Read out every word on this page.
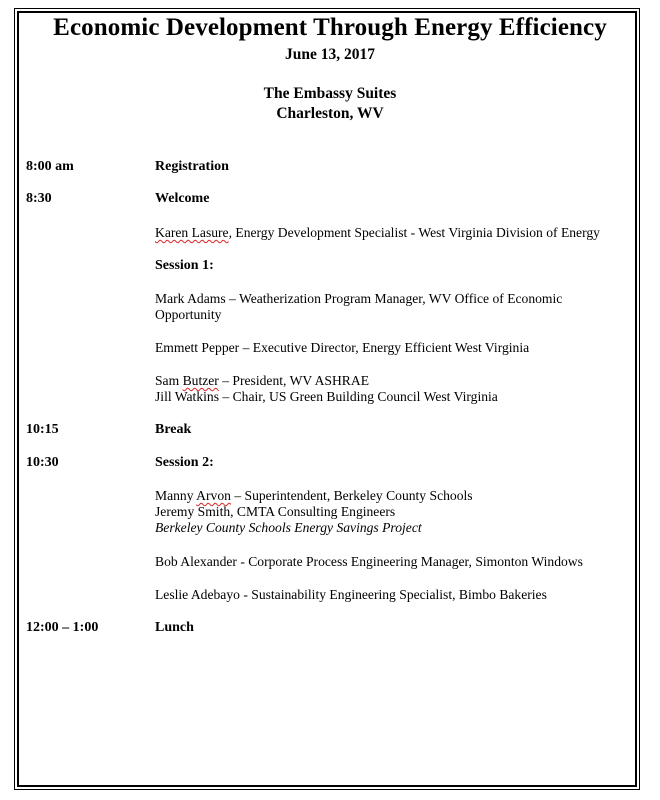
Economic Development Through Energy Efficiency
June 13, 2017
The Embassy Suites
Charleston, WV
8:00 am	Registration
8:30	Welcome
Karen Lasure, Energy Development Specialist - West Virginia Division of Energy
Session 1:
Mark Adams – Weatherization Program Manager, WV Office of Economic
Opportunity
Emmett Pepper – Executive Director, Energy Efficient West Virginia
Sam Butzer – President, WV ASHRAE
Jill Watkins – Chair, US Green Building Council West Virginia
10:15	Break
10:30	Session 2:
Manny Arvon – Superintendent, Berkeley County Schools
Jeremy Smith, CMTA Consulting Engineers
Berkeley County Schools Energy Savings Project
Bob Alexander - Corporate Process Engineering Manager, Simonton Windows
Leslie Adebayo - Sustainability Engineering Specialist, Bimbo Bakeries
12:00 – 1:00	Lunch
